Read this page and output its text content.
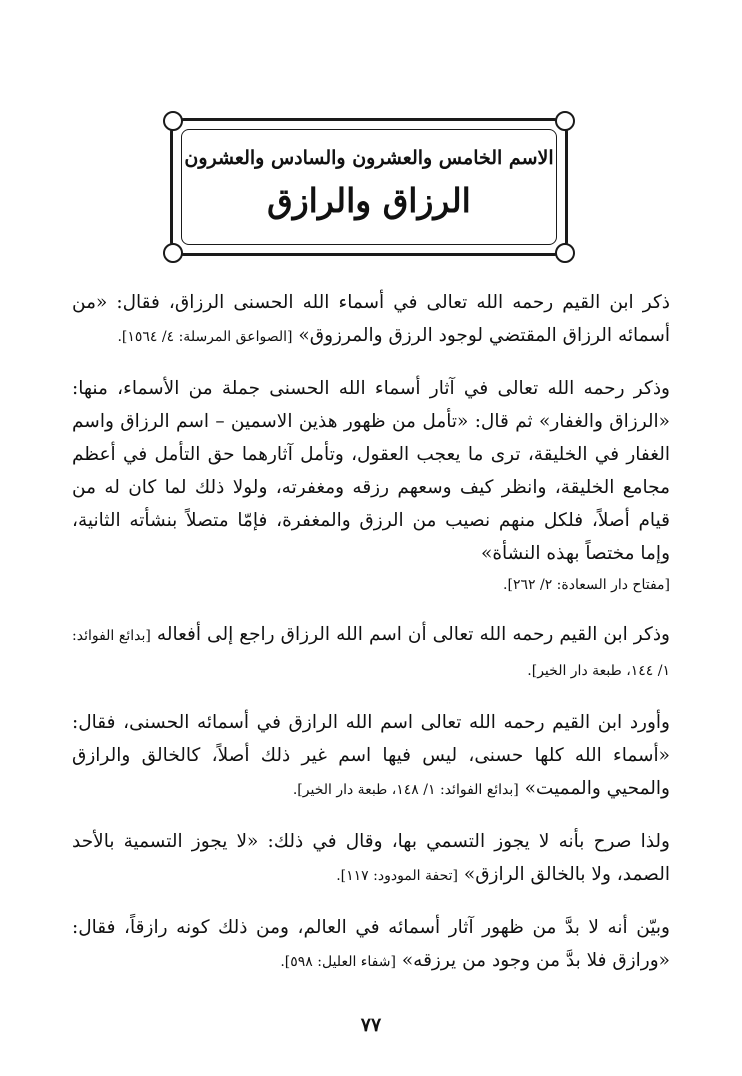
الاسم الخامس والعشرون والسادس والعشرون
الرزاق والرازق

ذكر ابن القيم رحمه الله تعالى في أسماء الله الحسنى الرزاق، فقال: «من أسمائه الرزاق المقتضي لوجود الرزق والمرزوق» [الصواعق المرسلة: ٤/ ١٥٦٤].

وذكر رحمه الله تعالى في آثار أسماء الله الحسنى جملة من الأسماء، منها: «الرزاق والغفار» ثم قال: «تأمل من ظهور هذين الاسمين – اسم الرزاق واسم الغفار في الخليقة، ترى ما يعجب العقول، وتأمل آثارهما حق التأمل في أعظم مجامع الخليقة، وانظر كيف وسعهم رزقه ومغفرته، ولولا ذلك لما كان له من قيام أصلاً، فلكل منهم نصيب من الرزق والمغفرة، فإمّا متصلاً بنشأته الثانية، وإما مختصاً بهذه النشأة»
[مفتاح دار السعادة: ٢/ ٢٦٢].

وذكر ابن القيم رحمه الله تعالى أن اسم الله الرزاق راجع إلى أفعاله [بدائع الفوائد: ١/ ١٤٤، طبعة دار الخير].

وأورد ابن القيم رحمه الله تعالى اسم الله الرازق في أسمائه الحسنى، فقال: «أسماء الله كلها حسنى، ليس فيها اسم غير ذلك أصلاً، كالخالق والرازق والمحيي والمميت» [بدائع الفوائد: ١/ ١٤٨، طبعة دار الخير].

ولذا صرح بأنه لا يجوز التسمي بها، وقال في ذلك: «لا يجوز التسمية بالأحد الصمد، ولا بالخالق الرازق» [تحفة المودود: ١١٧].

وبيّن أنه لا بدَّ من ظهور آثار أسمائه في العالم، ومن ذلك كونه رازقاً، فقال: «ورازق فلا بدَّ من وجود من يرزقه» [شفاء العليل: ٥٩٨].

٧٧
